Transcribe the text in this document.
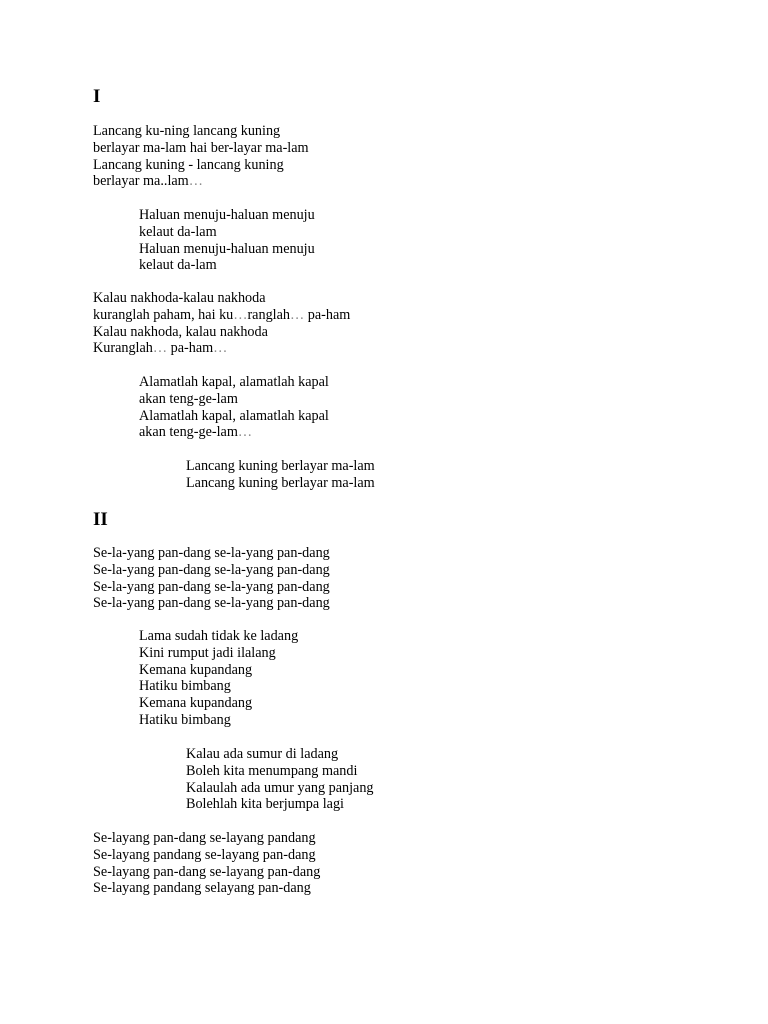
I
Lancang ku-ning lancang kuning
berlayar ma-lam hai ber-layar ma-lam
Lancang kuning - lancang kuning
berlayar ma..lam…
Haluan menuju-haluan menuju
kelaut da-lam
Haluan menuju-haluan menuju
kelaut da-lam
Kalau nakhoda-kalau nakhoda
kuranglah paham, hai ku…ranglah… pa-ham
Kalau nakhoda, kalau nakhoda
Kuranglah… pa-ham…
Alamatlah kapal, alamatlah kapal
akan teng-ge-lam
Alamatlah kapal, alamatlah kapal
akan teng-ge-lam…
Lancang kuning berlayar ma-lam
Lancang kuning berlayar ma-lam
II
Se-la-yang pan-dang se-la-yang pan-dang
Se-la-yang pan-dang se-la-yang pan-dang
Se-la-yang pan-dang se-la-yang pan-dang
Se-la-yang pan-dang se-la-yang pan-dang
Lama sudah tidak ke ladang
Kini rumput jadi ilalang
Kemana kupandang
Hatiku bimbang
Kemana kupandang
Hatiku bimbang
Kalau ada sumur di ladang
Boleh kita menumpang mandi
Kalaulah ada umur yang panjang
Bolehlah kita berjumpa lagi
Se-layang pan-dang se-layang pandang
Se-layang pandang se-layang pan-dang
Se-layang pan-dang se-layang pan-dang
Se-layang pandang selayang pan-dang
